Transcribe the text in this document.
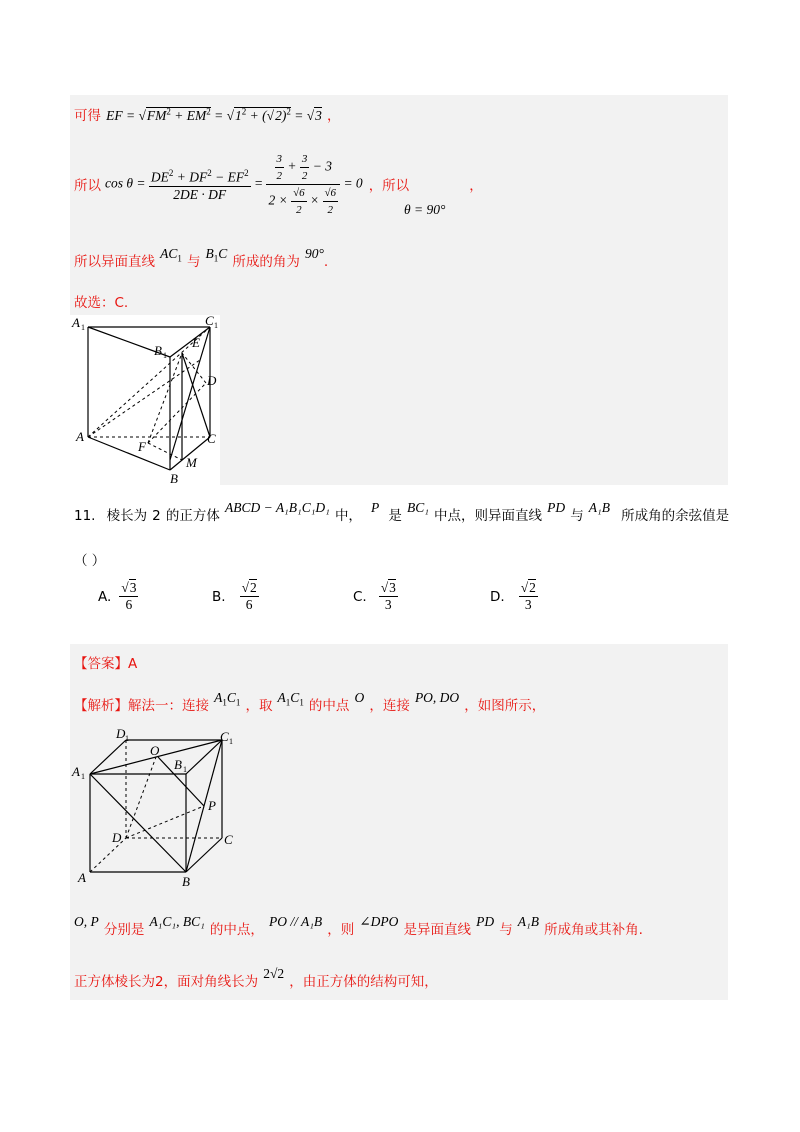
可得 EF = $√FM^2 + EM^2 = √1^2 + (√2)^2 = √3$ ，
所以 $\cos \theta = \frac{DE^2 + DF^2 - EF^2}{2DE \cdot DF} = \frac{\frac{3}{2} + \frac{3}{2} - 3}{2 \times \frac{√6}{2} \times \frac{√6}{2}} = 0$ ，所以	，
θ = 90°
所以异面直线 $^{AC_1}$ 与 $^{B_1C}$ 所成的角为 $^{90^\circ}$.
故选：C.
A 1	C 1
B 1
E
D
A
F
C
M
B
11. 棱长为 2 的正方体 $^{ABCD - A_1B_1C_1D_1}$ 中， $^P$ 是 $^{BC_1}$ 中点，则异面直线 $^{PD}$ 与 $^{A_1B}$ 所成角的余弦值是
（ ）
A. $\frac{√3}{6}$	B. $\frac{√2}{6}$	C. $\frac{√3}{3}$	D. $\frac{√2}{3}$
【答案】A
【解析】解法一：连接 $^{A_1C_1}$ ，取 $^{A_1C_1}$ 的中点 $^O$ ，连接 $^{PO, DO}$ ，如图所示，
D 1
O
C 1
A 1
B 1
P
D	C
A	B
$^{O, P}$ 分别是 $^{A_1C_1, BC_1}$ 的中点， $^{PO // A_1B}$ ，则 $^{\angle DPO}$ 是异面直线 $^{PD}$ 与 $^{A_1B}$ 所成角或其补角.
正方体棱长为2，面对角线长为 $^{2√2}$ ，由正方体的结构可知，
